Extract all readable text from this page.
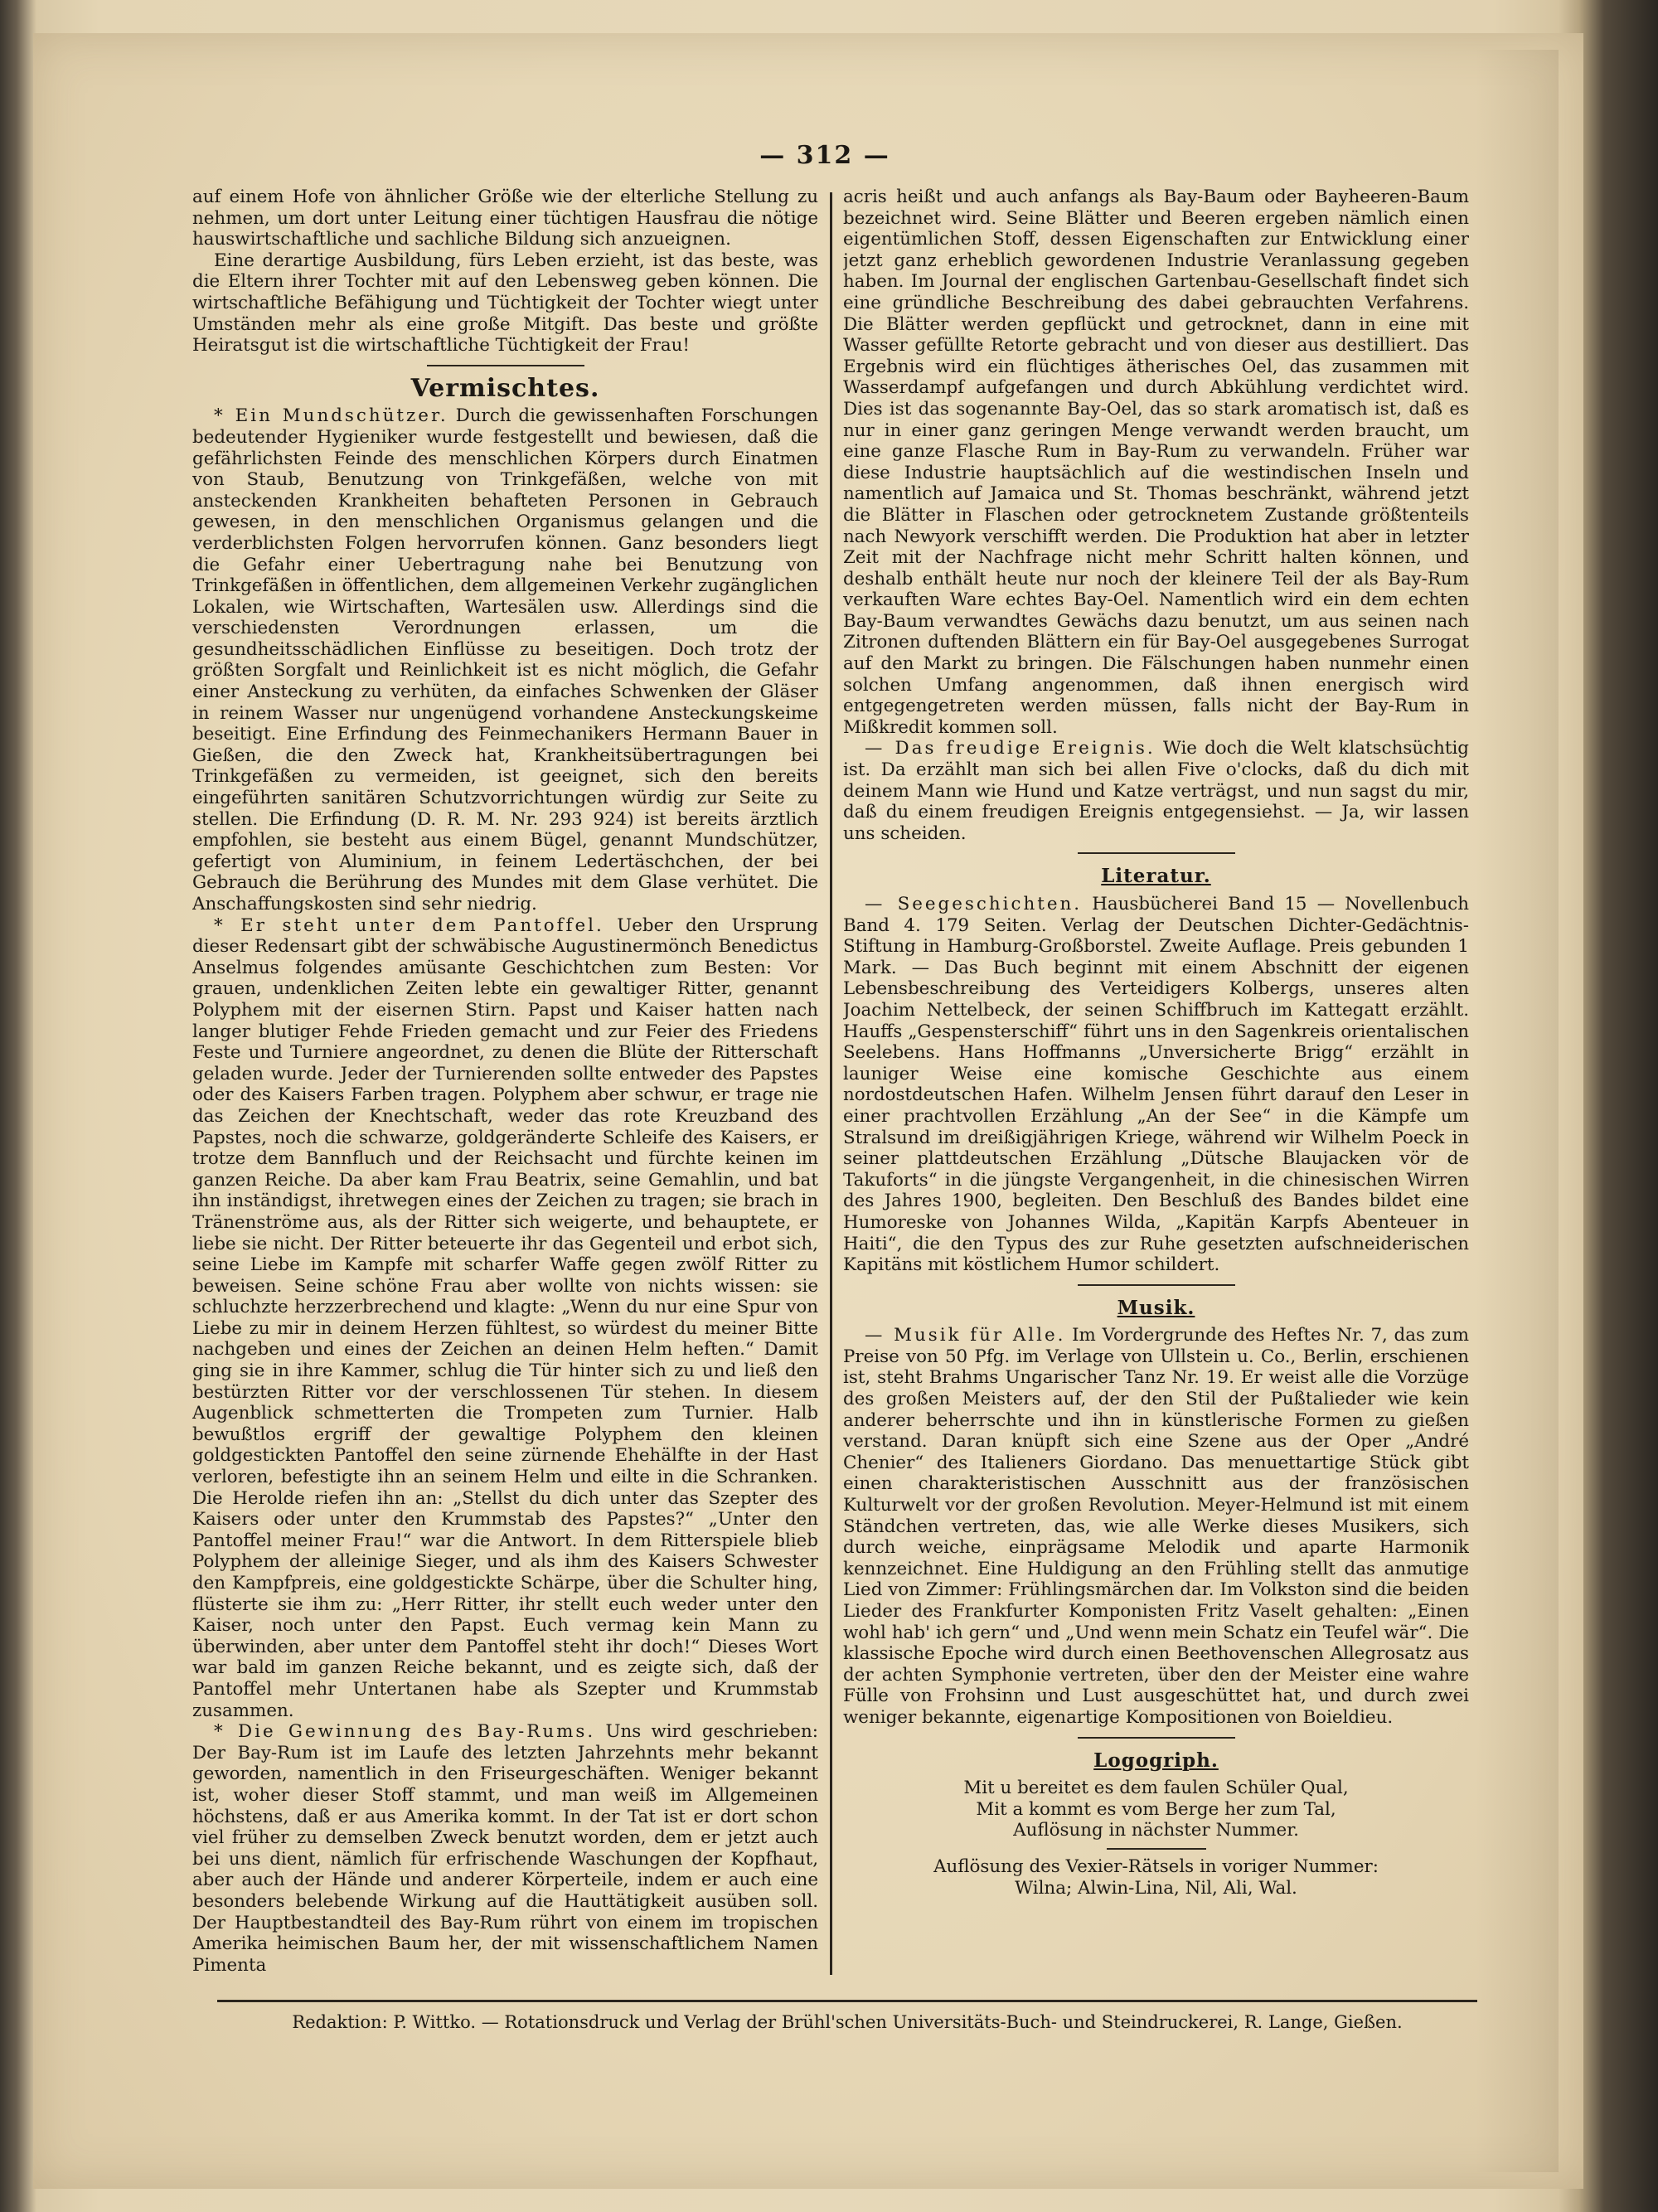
— 312 —

auf einem Hofe von ähnlicher Größe wie der elterliche Stellung zu nehmen, um dort unter Leitung einer tüchtigen Hausfrau die nötige hauswirtschaftliche und sachliche Bildung sich anzueignen.

Eine derartige Ausbildung, fürs Leben erzieht, ist das beste, was die Eltern ihrer Tochter mit auf den Lebensweg geben können. Die wirtschaftliche Befähigung und Tüchtigkeit der Tochter wiegt unter Umständen mehr als eine große Mitgift. Das beste und größte Heiratsgut ist die wirtschaftliche Tüchtigkeit der Frau!

Vermischtes.

* Ein Mundschützer. Durch die gewissenhaften Forschungen bedeutender Hygieniker wurde festgestellt und bewiesen, daß die gefährlichsten Feinde des menschlichen Körpers durch Einatmen von Staub, Benutzung von Trinkgefäßen, welche von mit ansteckenden Krankheiten behafteten Personen in Gebrauch gewesen, in den menschlichen Organismus gelangen und die verderblichsten Folgen hervorrufen können. Ganz besonders liegt die Gefahr einer Uebertragung nahe bei Benutzung von Trinkgefäßen in öffentlichen, dem allgemeinen Verkehr zugänglichen Lokalen, wie Wirtschaften, Wartesälen usw. Allerdings sind die verschiedensten Verordnungen erlassen, um die gesundheitsschädlichen Einflüsse zu beseitigen. Doch trotz der größten Sorgfalt und Reinlichkeit ist es nicht möglich, die Gefahr einer Ansteckung zu verhüten, da einfaches Schwenken der Gläser in reinem Wasser nur ungenügend vorhandene Ansteckungskeime beseitigt. Eine Erfindung des Feinmechanikers Hermann Bauer in Gießen, die den Zweck hat, Krankheitsübertragungen bei Trinkgefäßen zu vermeiden, ist geeignet, sich den bereits eingeführten sanitären Schutzvorrichtungen würdig zur Seite zu stellen. Die Erfindung (D. R. M. Nr. 293 924) ist bereits ärztlich empfohlen, sie besteht aus einem Bügel, genannt Mundschützer, gefertigt von Aluminium, in feinem Ledertäschchen, der bei Gebrauch die Berührung des Mundes mit dem Glase verhütet. Die Anschaffungskosten sind sehr niedrig.

* Er steht unter dem Pantoffel. Ueber den Ursprung dieser Redensart gibt der schwäbische Augustinermönch Benedictus Anselmus folgendes amüsante Geschichtchen zum Besten: Vor grauen, undenklichen Zeiten lebte ein gewaltiger Ritter, genannt Polyphem mit der eisernen Stirn. Papst und Kaiser hatten nach langer blutiger Fehde Frieden gemacht und zur Feier des Friedens Feste und Turniere angeordnet, zu denen die Blüte der Ritterschaft geladen wurde. Jeder der Turnierenden sollte entweder des Papstes oder des Kaisers Farben tragen. Polyphem aber schwur, er trage nie das Zeichen der Knechtschaft, weder das rote Kreuzband des Papstes, noch die schwarze, goldgeränderte Schleife des Kaisers, er trotze dem Bannfluch und der Reichsacht und fürchte keinen im ganzen Reiche. Da aber kam Frau Beatrix, seine Gemahlin, und bat ihn inständigst, ihretwegen eines der Zeichen zu tragen; sie brach in Tränenströme aus, als der Ritter sich weigerte, und behauptete, er liebe sie nicht. Der Ritter beteuerte ihr das Gegenteil und erbot sich, seine Liebe im Kampfe mit scharfer Waffe gegen zwölf Ritter zu beweisen. Seine schöne Frau aber wollte von nichts wissen: sie schluchzte herzzerbrechend und klagte: „Wenn du nur eine Spur von Liebe zu mir in deinem Herzen fühltest, so würdest du meiner Bitte nachgeben und eines der Zeichen an deinen Helm heften.“ Damit ging sie in ihre Kammer, schlug die Tür hinter sich zu und ließ den bestürzten Ritter vor der verschlossenen Tür stehen. In diesem Augenblick schmetterten die Trompeten zum Turnier. Halb bewußtlos ergriff der gewaltige Polyphem den kleinen goldgestickten Pantoffel den seine zürnende Ehehälfte in der Hast verloren, befestigte ihn an seinem Helm und eilte in die Schranken. Die Herolde riefen ihn an: „Stellst du dich unter das Szepter des Kaisers oder unter den Krummstab des Papstes?“ „Unter den Pantoffel meiner Frau!“ war die Antwort. In dem Ritterspiele blieb Polyphem der alleinige Sieger, und als ihm des Kaisers Schwester den Kampfpreis, eine goldgestickte Schärpe, über die Schulter hing, flüsterte sie ihm zu: „Herr Ritter, ihr stellt euch weder unter den Kaiser, noch unter den Papst. Euch vermag kein Mann zu überwinden, aber unter dem Pantoffel steht ihr doch!“ Dieses Wort war bald im ganzen Reiche bekannt, und es zeigte sich, daß der Pantoffel mehr Untertanen habe als Szepter und Krummstab zusammen.

* Die Gewinnung des Bay-Rums. Uns wird geschrieben: Der Bay-Rum ist im Laufe des letzten Jahrzehnts mehr bekannt geworden, namentlich in den Friseurgeschäften. Weniger bekannt ist, woher dieser Stoff stammt, und man weiß im Allgemeinen höchstens, daß er aus Amerika kommt. In der Tat ist er dort schon viel früher zu demselben Zweck benutzt worden, dem er jetzt auch bei uns dient, nämlich für erfrischende Waschungen der Kopfhaut, aber auch der Hände und anderer Körperteile, indem er auch eine besonders belebende Wirkung auf die Hauttätigkeit ausüben soll. Der Hauptbestandteil des Bay-Rum rührt von einem im tropischen Amerika heimischen Baum her, der mit wissenschaftlichem Namen Pimenta

acris heißt und auch anfangs als Bay-Baum oder Bayheeren-Baum bezeichnet wird. Seine Blätter und Beeren ergeben nämlich einen eigentümlichen Stoff, dessen Eigenschaften zur Entwicklung einer jetzt ganz erheblich gewordenen Industrie Veranlassung gegeben haben. Im Journal der englischen Gartenbau-Gesellschaft findet sich eine gründliche Beschreibung des dabei gebrauchten Verfahrens. Die Blätter werden gepflückt und getrocknet, dann in eine mit Wasser gefüllte Retorte gebracht und von dieser aus destilliert. Das Ergebnis wird ein flüchtiges ätherisches Oel, das zusammen mit Wasserdampf aufgefangen und durch Abkühlung verdichtet wird. Dies ist das sogenannte Bay-Oel, das so stark aromatisch ist, daß es nur in einer ganz geringen Menge verwandt werden braucht, um eine ganze Flasche Rum in Bay-Rum zu verwandeln. Früher war diese Industrie hauptsächlich auf die westindischen Inseln und namentlich auf Jamaica und St. Thomas beschränkt, während jetzt die Blätter in Flaschen oder getrocknetem Zustande größtenteils nach Newyork verschifft werden. Die Produktion hat aber in letzter Zeit mit der Nachfrage nicht mehr Schritt halten können, und deshalb enthält heute nur noch der kleinere Teil der als Bay-Rum verkauften Ware echtes Bay-Oel. Namentlich wird ein dem echten Bay-Baum verwandtes Gewächs dazu benutzt, um aus seinen nach Zitronen duftenden Blättern ein für Bay-Oel ausgegebenes Surrogat auf den Markt zu bringen. Die Fälschungen haben nunmehr einen solchen Umfang angenommen, daß ihnen energisch wird entgegengetreten werden müssen, falls nicht der Bay-Rum in Mißkredit kommen soll.

— Das freudige Ereignis. Wie doch die Welt klatschsüchtig ist. Da erzählt man sich bei allen Five o'clocks, daß du dich mit deinem Mann wie Hund und Katze verträgst, und nun sagst du mir, daß du einem freudigen Ereignis entgegensiehst. — Ja, wir lassen uns scheiden.

Literatur.

— Seegeschichten. Hausbücherei Band 15 — Novellenbuch Band 4. 179 Seiten. Verlag der Deutschen Dichter-Gedächtnis-Stiftung in Hamburg-Großborstel. Zweite Auflage. Preis gebunden 1 Mark. — Das Buch beginnt mit einem Abschnitt der eigenen Lebensbeschreibung des Verteidigers Kolbergs, unseres alten Joachim Nettelbeck, der seinen Schiffbruch im Kattegatt erzählt. Hauffs „Gespensterschiff“ führt uns in den Sagenkreis orientalischen Seelebens. Hans Hoffmanns „Unversicherte Brigg“ erzählt in launiger Weise eine komische Geschichte aus einem nordostdeutschen Hafen. Wilhelm Jensen führt darauf den Leser in einer prachtvollen Erzählung „An der See“ in die Kämpfe um Stralsund im dreißigjährigen Kriege, während wir Wilhelm Poeck in seiner plattdeutschen Erzählung „Dütsche Blaujacken vör de Takuforts“ in die jüngste Vergangenheit, in die chinesischen Wirren des Jahres 1900, begleiten. Den Beschluß des Bandes bildet eine Humoreske von Johannes Wilda, „Kapitän Karpfs Abenteuer in Haiti“, die den Typus des zur Ruhe gesetzten aufschneiderischen Kapitäns mit köstlichem Humor schildert.

Musik.

— Musik für Alle. Im Vordergrunde des Heftes Nr. 7, das zum Preise von 50 Pfg. im Verlage von Ullstein u. Co., Berlin, erschienen ist, steht Brahms Ungarischer Tanz Nr. 19. Er weist alle die Vorzüge des großen Meisters auf, der den Stil der Pußtalieder wie kein anderer beherrschte und ihn in künstlerische Formen zu gießen verstand. Daran knüpft sich eine Szene aus der Oper „André Chenier“ des Italieners Giordano. Das menuettartige Stück gibt einen charakteristischen Ausschnitt aus der französischen Kulturwelt vor der großen Revolution. Meyer-Helmund ist mit einem Ständchen vertreten, das, wie alle Werke dieses Musikers, sich durch weiche, einprägsame Melodik und aparte Harmonik kennzeichnet. Eine Huldigung an den Frühling stellt das anmutige Lied von Zimmer: Frühlingsmärchen dar. Im Volkston sind die beiden Lieder des Frankfurter Komponisten Fritz Vaselt gehalten: „Einen wohl hab' ich gern“ und „Und wenn mein Schatz ein Teufel wär“. Die klassische Epoche wird durch einen Beethovenschen Allegrosatz aus der achten Symphonie vertreten, über den der Meister eine wahre Fülle von Frohsinn und Lust ausgeschüttet hat, und durch zwei weniger bekannte, eigenartige Kompositionen von Boieldieu.

Logogriph.
Mit u bereitet es dem faulen Schüler Qual,
Mit a kommt es vom Berge her zum Tal,
Auflösung in nächster Nummer.
Auflösung des Vexier-Rätsels in voriger Nummer:
Wilna; Alwin-Lina, Nil, Ali, Wal.
Redaktion: P. Wittko. — Rotationsdruck und Verlag der Brühl'schen Universitäts-Buch- und Steindruckerei, R. Lange, Gießen.
